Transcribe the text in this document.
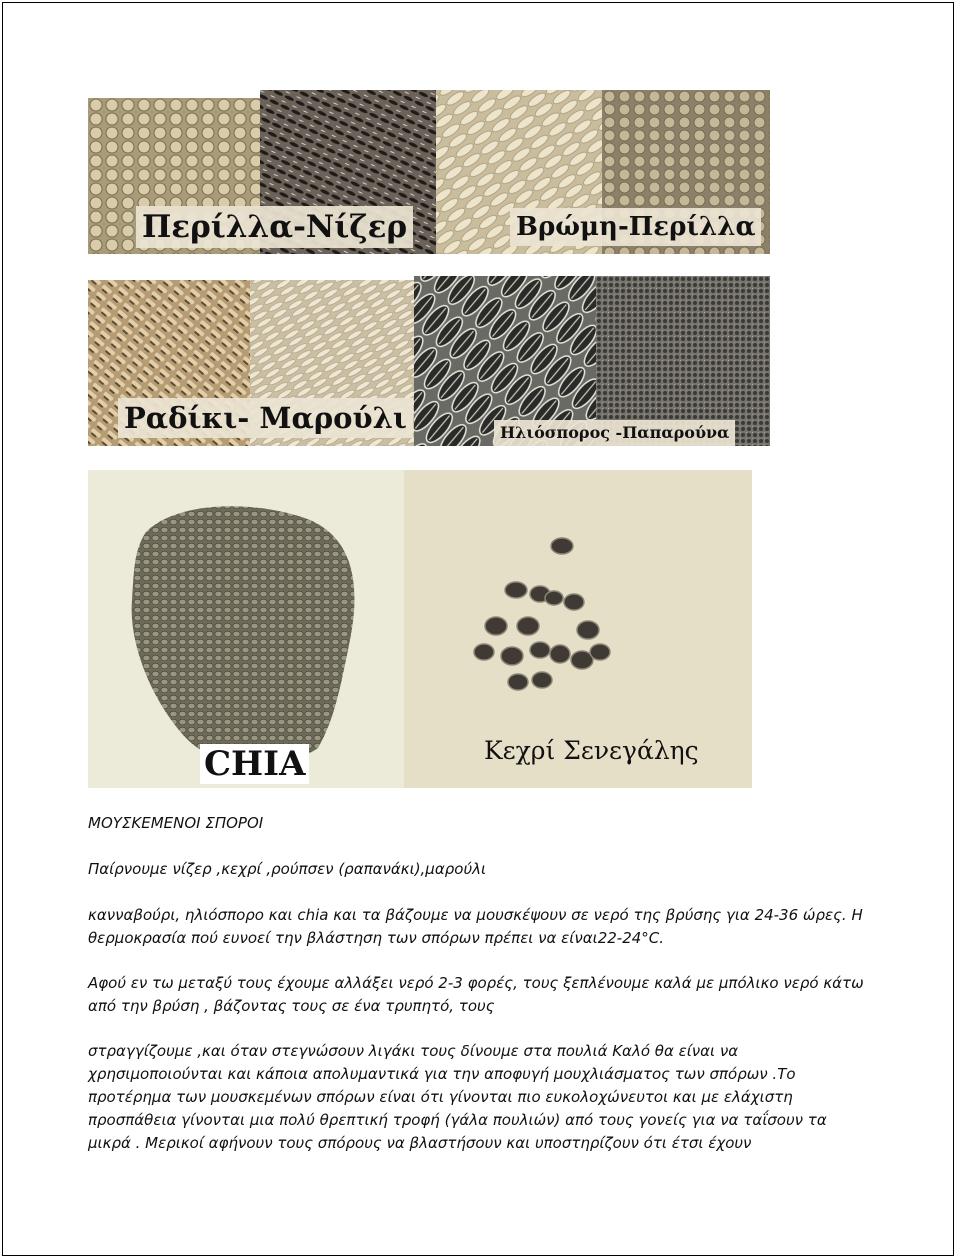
Περίλλα-Νίζερ	Βρώμη-Περίλλα
Ραδίκι- Μαρούλι	Ηλιόσπορος -Παπαρούνα
CHIA	Κεχρί Σενεγάλης

ΜΟΥΣΚΕΜΕΝΟΙ ΣΠΟΡΟΙ

Παίρνουμε νίζερ ,κεχρί ,ρούπσεν (ραπανάκι),μαρούλι

κανναβούρι, ηλιόσπορο και chia και τα βάζουμε να μουσκέψουν σε νερό της βρύσης για 24-36 ώρες. Η

θερμοκρασία πού ευνοεί την βλάστηση των σπόρων πρέπει να είναι22-24°C.

Αφού εν τω μεταξύ τους έχουμε αλλάξει νερό 2-3 φορές, τους ξεπλένουμε καλά με μπόλικο νερό κάτω

από την βρύση , βάζοντας τους σε ένα τρυπητό, τους

στραγγίζουμε ,και όταν στεγνώσουν λιγάκι τους δίνουμε στα πουλιά Καλό θα είναι να

χρησιμοποιούνται και κάποια απολυμαντικά για την αποφυγή μουχλιάσματος των σπόρων .Το

προτέρημα των μουσκεμένων σπόρων είναι ότι γίνονται πιο ευκολοχώνευτοι και με ελάχιστη

προσπάθεια γίνονται μια πολύ θρεπτική τροφή (γάλα πουλιών) από τους γονείς για να ταΐσουν τα

μικρά . Μερικοί αφήνουν τους σπόρους να βλαστήσουν και υποστηρίζουν ότι έτσι έχουν
